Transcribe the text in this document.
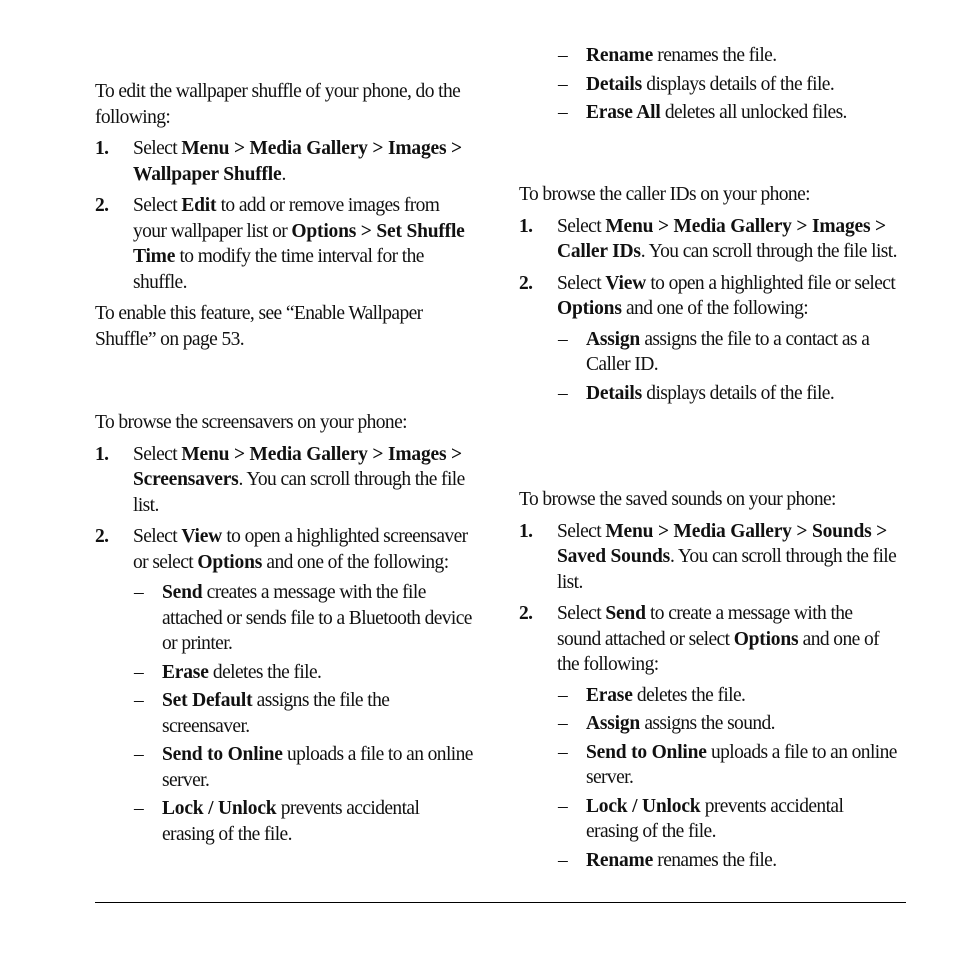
To edit the wallpaper shuffle of your phone, do the following:

1. Select Menu > Media Gallery > Images > Wallpaper Shuffle.
2. Select Edit to add or remove images from your wallpaper list or Options > Set Shuffle Time to modify the time interval for the shuffle.

To enable this feature, see “Enable Wallpaper Shuffle” on page 53.

To browse the screensavers on your phone:

1. Select Menu > Media Gallery > Images > Screensavers. You can scroll through the file list.
2. Select View to open a highlighted screensaver or select Options and one of the following:
– Send creates a message with the file attached or sends file to a Bluetooth device or printer.
– Erase deletes the file.
– Set Default assigns the file the screensaver.
– Send to Online uploads a file to an online server.
– Lock / Unlock prevents accidental erasing of the file.
– Rename renames the file.
– Details displays details of the file.
– Erase All deletes all unlocked files.

To browse the caller IDs on your phone:

1. Select Menu > Media Gallery > Images > Caller IDs. You can scroll through the file list.
2. Select View to open a highlighted file or select Options and one of the following:
– Assign assigns the file to a contact as a Caller ID.
– Details displays details of the file.

To browse the saved sounds on your phone:

1. Select Menu > Media Gallery > Sounds > Saved Sounds. You can scroll through the file list.
2. Select Send to create a message with the sound attached or select Options and one of the following:
– Erase deletes the file.
– Assign assigns the sound.
– Send to Online uploads a file to an online server.
– Lock / Unlock prevents accidental erasing of the file.
– Rename renames the file.
